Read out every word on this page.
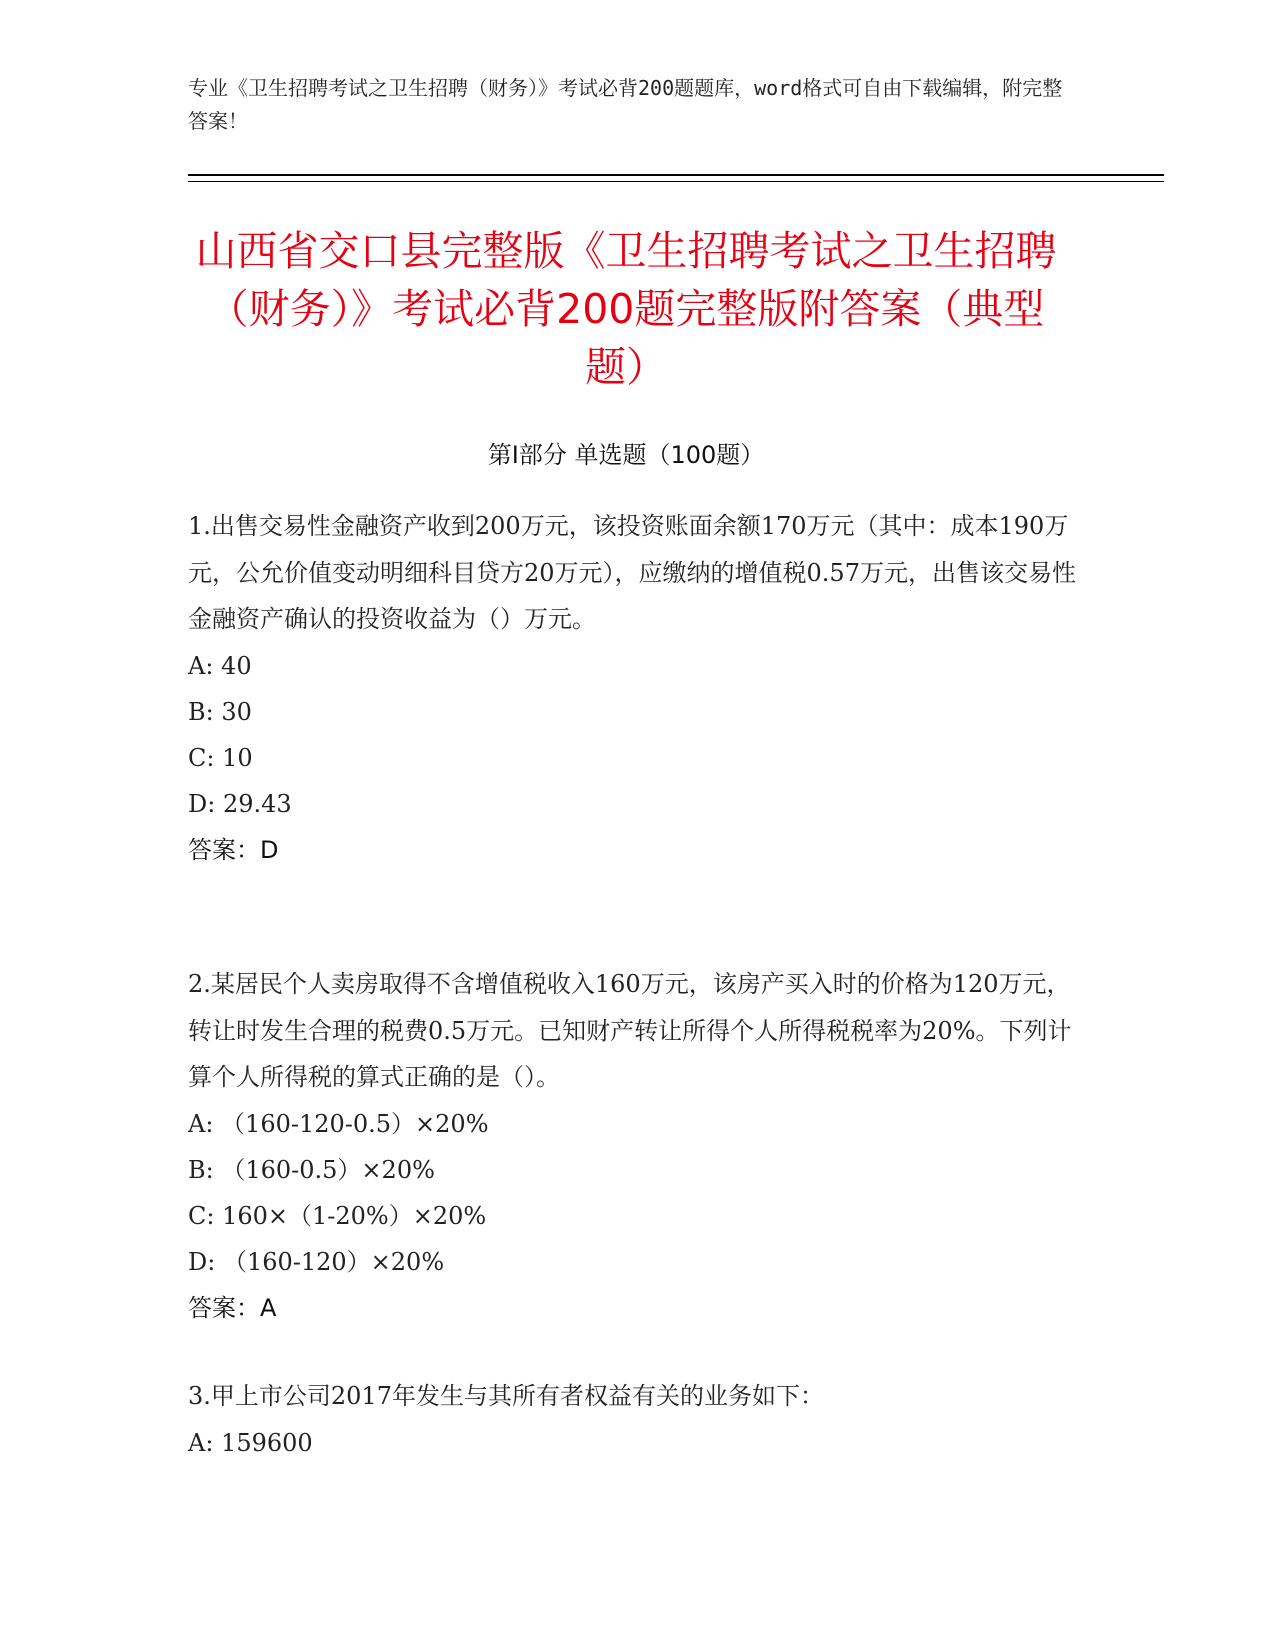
专业《卫生招聘考试之卫生招聘（财务）》考试必背200题题库，word格式可自由下载编辑，附完整答案！
山西省交口县完整版《卫生招聘考试之卫生招聘（财务）》考试必背200题完整版附答案（典型题）
第I部分 单选题（100题）
1.出售交易性金融资产收到200万元，该投资账面余额170万元（其中：成本190万元，公允价值变动明细科目贷方20万元），应缴纳的增值税0.57万元，出售该交易性金融资产确认的投资收益为（）万元。
A: 40
B: 30
C: 10
D: 29.43
答案：D
2.某居民个人卖房取得不含增值税收入160万元，该房产买入时的价格为120万元，转让时发生合理的税费0.5万元。已知财产转让所得个人所得税税率为20%。下列计算个人所得税的算式正确的是（）。
A: （160-120-0.5）×20%
B: （160-0.5）×20%
C: 160×（1-20%）×20%
D: （160-120）×20%
答案：A
3.甲上市公司2017年发生与其所有者权益有关的业务如下：
A: 159600
